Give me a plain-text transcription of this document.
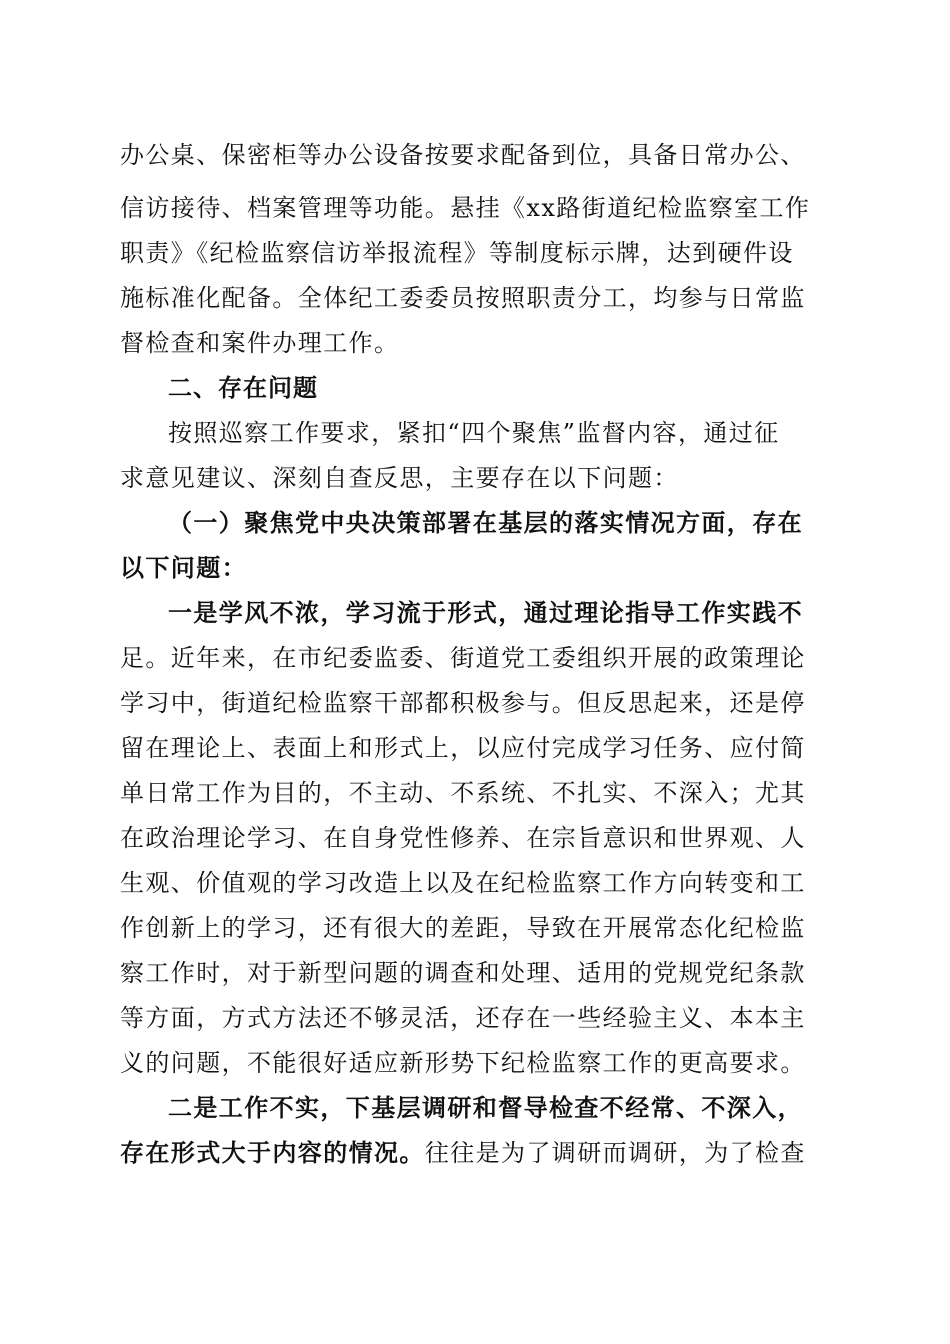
办公桌、保密柜等办公设备按要求配备到位，具备日常办公、
信访接待、档案管理等功能。悬挂《xx路街道纪检监察室工作
职责》《纪检监察信访举报流程》等制度标示牌，达到硬件设
施标准化配备。全体纪工委委员按照职责分工，均参与日常监
督检查和案件办理工作。
二、存在问题
按照巡察工作要求，紧扣“四个聚焦”监督内容，通过征
求意见建议、深刻自查反思，主要存在以下问题：
（一）聚焦党中央决策部署在基层的落实情况方面，存在
以下问题：
一是学风不浓，学习流于形式，通过理论指导工作实践不
足。近年来，在市纪委监委、街道党工委组织开展的政策理论
学习中，街道纪检监察干部都积极参与。但反思起来，还是停
留在理论上、表面上和形式上，以应付完成学习任务、应付简
单日常工作为目的，不主动、不系统、不扎实、不深入；尤其
在政治理论学习、在自身党性修养、在宗旨意识和世界观、人
生观、价值观的学习改造上以及在纪检监察工作方向转变和工
作创新上的学习，还有很大的差距，导致在开展常态化纪检监
察工作时，对于新型问题的调查和处理、适用的党规党纪条款
等方面，方式方法还不够灵活，还存在一些经验主义、本本主
义的问题，不能很好适应新形势下纪检监察工作的更高要求。
二是工作不实，下基层调研和督导检查不经常、不深入，
存在形式大于内容的情况。往往是为了调研而调研，为了检查
